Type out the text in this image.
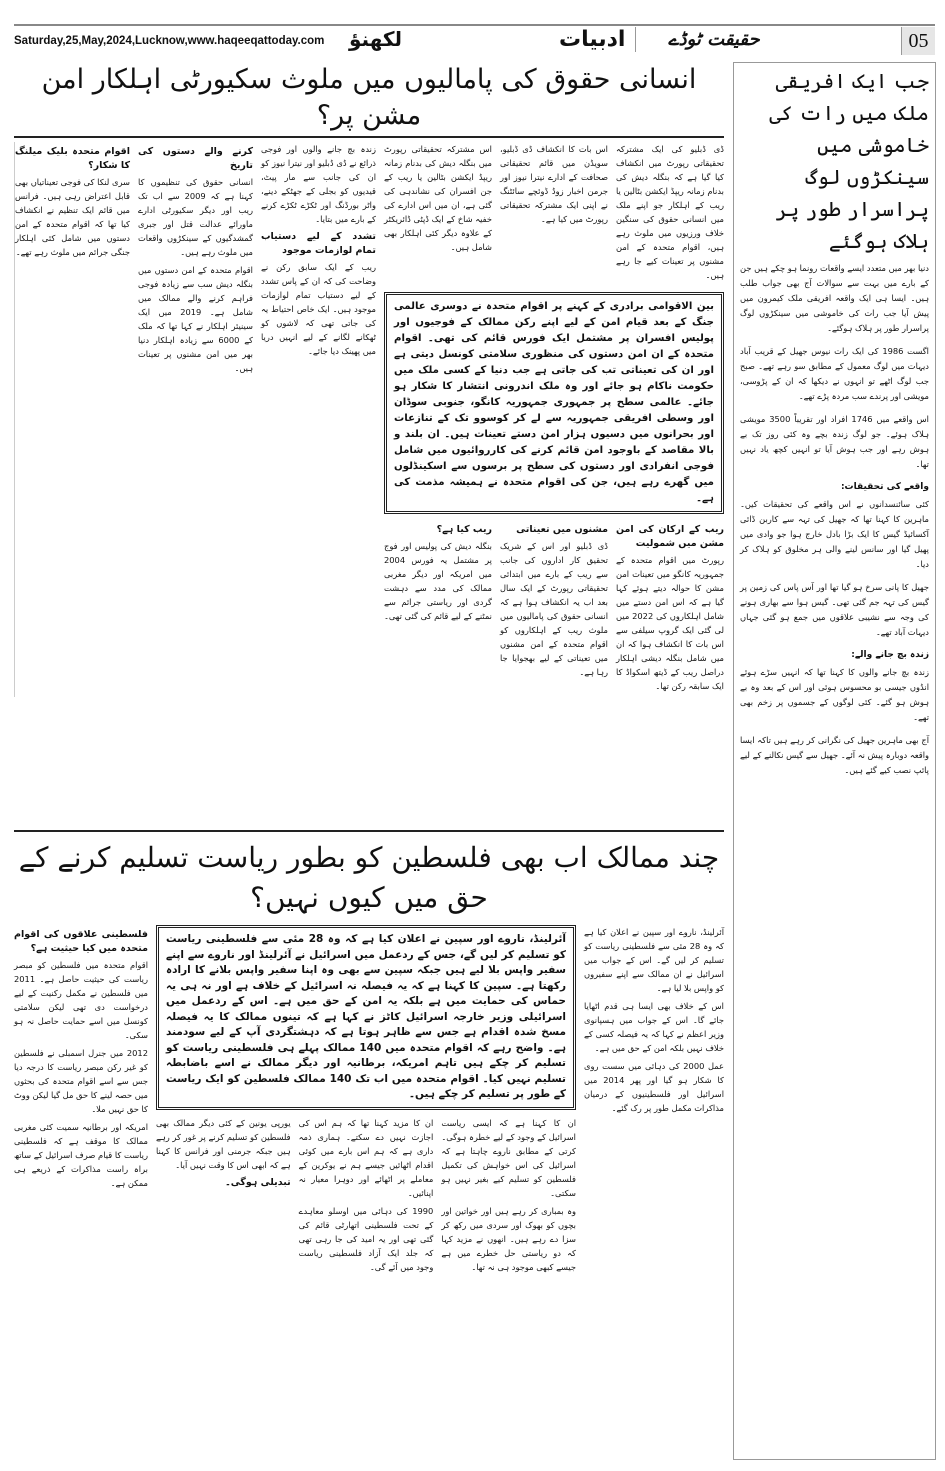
Saturday,25,May,2024,Lucknow,www.haqeeqattoday.com لکھنؤ	ادبیات	حقیقت ٹوڈے	05
جب ایک افریقی ملک میں رات کی خاموشی میں سینکڑوں لوگ پراسرار طور پر ہلاک ہوگئے

دنیا بھر میں متعدد ایسے واقعات رونما ہو چکے ہیں جن کے بارے میں بہت سے سوالات آج بھی جواب طلب ہیں۔ ایسا ہی ایک واقعہ افریقی ملک کیمرون میں پیش آیا جب رات کی خاموشی میں سینکڑوں لوگ پراسرار طور پر ہلاک ہوگئے۔

اگست 1986 کی ایک رات نیوس جھیل کے قریب آباد دیہات میں لوگ معمول کے مطابق سو رہے تھے۔ صبح جب لوگ اٹھے تو انہوں نے دیکھا کہ ان کے پڑوسی، مویشی اور پرندے سب مردہ پڑے تھے۔

اس واقعے میں 1746 افراد اور تقریباً 3500 مویشی ہلاک ہوئے۔ جو لوگ زندہ بچے وہ کئی روز تک بے ہوش رہے اور جب ہوش آیا تو انہیں کچھ یاد نہیں تھا۔

واقعے کی تحقیقات:

کئی سائنسدانوں نے اس واقعے کی تحقیقات کیں۔ ماہرین کا کہنا تھا کہ جھیل کی تہہ سے کاربن ڈائی آکسائیڈ گیس کا ایک بڑا بادل خارج ہوا جو وادی میں پھیل گیا اور سانس لینے والی ہر مخلوق کو ہلاک کر دیا۔

جھیل کا پانی سرخ ہو گیا تھا اور آس پاس کی زمین پر گیس کی تہہ جم گئی تھی۔ گیس ہوا سے بھاری ہونے کی وجہ سے نشیبی علاقوں میں جمع ہو گئی جہاں دیہات آباد تھے۔

زندہ بچ جانے والے:

زندہ بچ جانے والوں کا کہنا تھا کہ انہیں سڑے ہوئے انڈوں جیسی بو محسوس ہوئی اور اس کے بعد وہ بے ہوش ہو گئے۔ کئی لوگوں کے جسموں پر زخم بھی تھے۔

آج بھی ماہرین جھیل کی نگرانی کر رہے ہیں تاکہ ایسا واقعہ دوبارہ پیش نہ آئے۔ جھیل سے گیس نکالنے کے لیے پائپ نصب کیے گئے ہیں۔

انسانی حقوق کی پامالیوں میں ملوث سکیورٹی اہلکار امن مشن پر؟

ڈی ڈبلیو کی ایک مشترکہ تحقیقاتی رپورٹ میں انکشاف کیا گیا ہے کہ بنگلہ دیش کی بدنام زمانہ ریپڈ ایکشن بٹالین یا ریب کے اہلکار جو اپنے ملک میں انسانی حقوق کی سنگین خلاف ورزیوں میں ملوث رہے ہیں، اقوام متحدہ کے امن مشنوں پر تعینات کیے جا رہے ہیں۔

اس بات کا انکشاف ڈی ڈبلیو، سویڈن میں قائم تحقیقاتی صحافت کے ادارے نیترا نیوز اور جرمن اخبار زوڈ ڈوئچے سائٹنگ نے اپنی ایک مشترکہ تحقیقاتی رپورٹ میں کیا ہے۔

اس مشترکہ تحقیقاتی رپورٹ میں بنگلہ دیش کی بدنام زمانہ ریپڈ ایکشن بٹالین یا ریب کے جن افسران کی نشاندہی کی گئی ہے، ان میں اس ادارے کی خفیہ شاخ کے ایک ڈپٹی ڈائریکٹر کے علاوہ دیگر کئی اہلکار بھی شامل ہیں۔

بین الاقوامی برادری کے کہنے پر اقوام متحدہ نے دوسری عالمی جنگ کے بعد قیام امن کے لیے اپنے رکن ممالک کے فوجیوں اور پولیس افسران پر مشتمل ایک فورس قائم کی تھی۔ اقوام متحدہ کے ان امن دستوں کی منظوری سلامتی کونسل دیتی ہے اور ان کی تعیناتی تب کی جاتی ہے جب دنیا کے کسی ملک میں حکومت ناکام ہو جائے اور وہ ملک اندرونی انتشار کا شکار ہو جائے۔ عالمی سطح پر جمہوری جمہوریہ کانگو، جنوبی سوڈان اور وسطی افریقی جمہوریہ سے لے کر کوسوو تک کے تنازعات اور بحرانوں میں دسیوں ہزار امن دستے تعینات ہیں۔ ان بلند و بالا مقاصد کے باوجود امن قائم کرنے کی کارروائیوں میں شامل فوجی انفرادی اور دستوں کی سطح پر برسوں سے اسکینڈلوں میں گھرے رہے ہیں، جن کی اقوام متحدہ نے ہمیشہ مذمت کی ہے۔
ریب کے ارکان کی امن مشن میں شمولیت

رپورٹ میں اقوام متحدہ کے جمہوریہ کانگو میں تعینات امن مشن کا حوالہ دیتے ہوئے کہا گیا ہے کہ اس امن دستے میں شامل اہلکاروں کی 2022 میں لی گئی ایک گروپ سیلفی سے اس بات کا انکشاف ہوا کہ ان میں شامل بنگلہ دیشی اہلکار دراصل ریب کے ڈیتھ اسکواڈ کا ایک سابقہ رکن تھا۔

مشنوں میں تعیناتی

ڈی ڈبلیو اور اس کے شریک تحقیق کار اداروں کی جانب سے ریب کے بارے میں ابتدائی تحقیقاتی رپورٹ کے ایک سال بعد اب یہ انکشاف ہوا ہے کہ انسانی حقوق کی پامالیوں میں ملوث ریب کے اہلکاروں کو اقوام متحدہ کے امن مشنوں میں تعیناتی کے لیے بھجوایا جا رہا ہے۔

ریب کیا ہے؟

بنگلہ دیش کی پولیس اور فوج پر مشتمل یہ فورس 2004 میں امریکہ اور دیگر مغربی ممالک کی مدد سے دہشت گردی اور ریاستی جرائم سے نمٹنے کے لیے قائم کی گئی تھی۔

زندہ بچ جانے والوں اور فوجی ذرائع نے ڈی ڈبلیو اور نیترا نیوز کو ان کی جانب سے مار پیٹ، قیدیوں کو بجلی کے جھٹکے دینے، واٹر بورڈنگ اور ٹکڑے ٹکڑے کرنے کے بارے میں بتایا۔

تشدد کے لیے دستیاب تمام لوازمات موجود

ریب کے ایک سابق رکن نے وضاحت کی کہ ان کے پاس تشدد کے لیے دستیاب تمام لوازمات موجود ہیں۔ ایک خاص احتیاط یہ کی جاتی تھی کہ لاشوں کو ٹھکانے لگانے کے لیے انہیں دریا میں پھینک دیا جائے۔

کرنے والے دستوں کی تاریخ

انسانی حقوق کی تنظیموں کا کہنا ہے کہ 2009 سے اب تک ریب اور دیگر سکیورٹی ادارے ماورائے عدالت قتل اور جبری گمشدگیوں کے سینکڑوں واقعات میں ملوث رہے ہیں۔

اقوام متحدہ کے امن دستوں میں بنگلہ دیش سب سے زیادہ فوجی فراہم کرنے والے ممالک میں شامل ہے۔ 2019 میں ایک سینیئر اہلکار نے کہا تھا کہ ملک کے 6000 سے زیادہ اہلکار دنیا بھر میں امن مشنوں پر تعینات ہیں۔

اقوام متحدہ بلیک میلنگ کا شکار؟

سری لنکا کی فوجی تعیناتیاں بھی قابل اعتراض رہی ہیں۔ فرانس میں قائم ایک تنظیم نے انکشاف کیا تھا کہ اقوام متحدہ کے امن دستوں میں شامل کئی اہلکار جنگی جرائم میں ملوث رہے تھے۔

چند ممالک اب بھی فلسطین کو بطور ریاست تسلیم کرنے کے حق میں کیوں نہیں؟

آئرلینڈ، ناروے اور سپین نے اعلان کیا ہے کہ وہ 28 مئی سے فلسطینی ریاست کو تسلیم کر لیں گے۔ اس کے جواب میں اسرائیل نے ان ممالک سے اپنے سفیروں کو واپس بلا لیا ہے۔

اس کے خلاف بھی ایسا ہی قدم اٹھایا جائے گا۔ اس کے جواب میں ہسپانوی وزیر اعظم نے کہا کہ یہ فیصلہ کسی کے خلاف نہیں بلکہ امن کے حق میں ہے۔

عمل 2000 کی دہائی میں سست روی کا شکار ہو گیا اور پھر 2014 میں اسرائیل اور فلسطینیوں کے درمیان مذاکرات مکمل طور پر رک گئے۔

آئرلینڈ، ناروے اور سپین نے اعلان کیا ہے کہ وہ 28 مئی سے فلسطینی ریاست کو تسلیم کر لیں گے، جس کے ردعمل میں اسرائیل نے آئرلینڈ اور ناروے سے اپنے سفیر واپس بلا لیے ہیں جبکہ سپین سے بھی وہ اپنا سفیر واپس بلانے کا ارادہ رکھتا ہے۔ سپین کا کہنا ہے کہ یہ فیصلہ نہ اسرائیل کے خلاف ہے اور نہ ہی یہ حماس کی حمایت میں ہے بلکہ یہ امن کے حق میں ہے۔ اس کے ردعمل میں اسرائیلی وزیر خارجہ اسرائیل کاٹز نے کہا ہے کہ تینوں ممالک کا یہ فیصلہ مسخ شدہ اقدام ہے جس سے ظاہر ہوتا ہے کہ دہشتگردی آپ کے لیے سودمند ہے۔ واضح رہے کہ اقوام متحدہ میں 140 ممالک پہلے ہی فلسطینی ریاست کو تسلیم کر چکے ہیں تاہم امریکہ، برطانیہ اور دیگر ممالک نے اسے باضابطہ تسلیم نہیں کیا۔ اقوام متحدہ میں اب تک 140 ممالک فلسطین کو ایک ریاست کے طور پر تسلیم کر چکے ہیں۔

ان کا کہنا ہے کہ ایسی ریاست اسرائیل کے وجود کے لیے خطرہ ہوگی۔ کرتی کے مطابق ناروے چاہتا ہے کہ اسرائیل کی اس خواہش کی تکمیل فلسطین کو تسلیم کیے بغیر نہیں ہو سکتی۔

وہ بمباری کر رہے ہیں اور خواتین اور بچوں کو بھوک اور سردی میں رکھ کر سزا دے رہے ہیں۔ انھوں نے مزید کہا کہ دو ریاستی حل خطرے میں ہے جیسے کبھی موجود ہی نہ تھا۔

ان کا مزید کہنا تھا کہ ہم اس کی اجازت نہیں دے سکتے۔ ہماری ذمہ داری ہے کہ ہم اس بارے میں کوئی اقدام اٹھائیں جیسے ہم نے یوکرین کے معاملے پر اٹھائے اور دوہرا معیار نہ اپنائیں۔

1990 کی دہائی میں اوسلو معاہدے کے تحت فلسطینی اتھارٹی قائم کی گئی تھی اور یہ امید کی جا رہی تھی کہ جلد ایک آزاد فلسطینی ریاست وجود میں آئے گی۔

یورپی یونین کے کئی دیگر ممالک بھی فلسطین کو تسلیم کرنے پر غور کر رہے ہیں جبکہ جرمنی اور فرانس کا کہنا ہے کہ ابھی اس کا وقت نہیں آیا۔

تبدیلی ہوگی۔
فلسطینی علاقوں کی اقوام متحدہ میں کیا حیثیت ہے؟

اقوام متحدہ میں فلسطین کو مبصر ریاست کی حیثیت حاصل ہے۔ 2011 میں فلسطین نے مکمل رکنیت کے لیے درخواست دی تھی لیکن سلامتی کونسل میں اسے حمایت حاصل نہ ہو سکی۔

2012 میں جنرل اسمبلی نے فلسطین کو غیر رکن مبصر ریاست کا درجہ دیا جس سے اسے اقوام متحدہ کی بحثوں میں حصہ لینے کا حق مل گیا لیکن ووٹ کا حق نہیں ملا۔

امریکہ اور برطانیہ سمیت کئی مغربی ممالک کا موقف ہے کہ فلسطینی ریاست کا قیام صرف اسرائیل کے ساتھ براہ راست مذاکرات کے ذریعے ہی ممکن ہے۔
